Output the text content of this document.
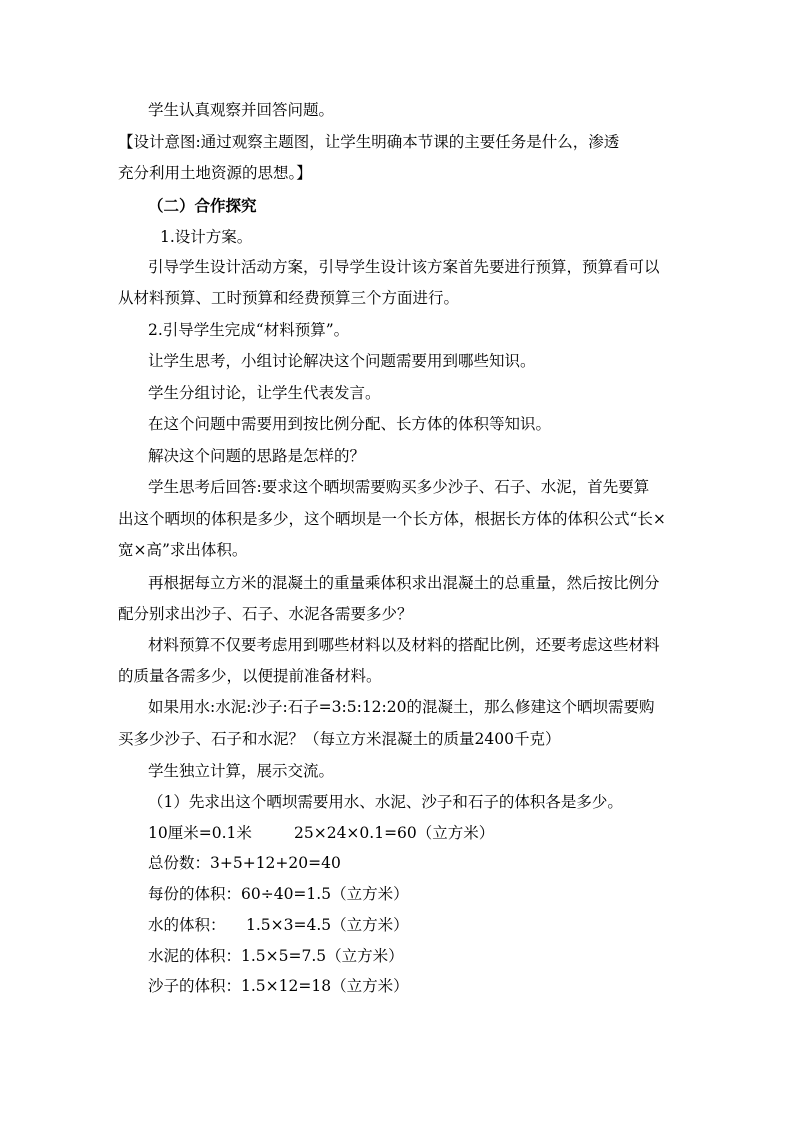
学生认真观察并回答问题。
【设计意图:通过观察主题图，让学生明确本节课的主要任务是什么，渗透
充分利用土地资源的思想。】
（二）合作探究
1.设计方案。
引导学生设计活动方案，引导学生设计该方案首先要进行预算，预算看可以
从材料预算、工时预算和经费预算三个方面进行。
2.引导学生完成“材料预算”。
让学生思考，小组讨论解决这个问题需要用到哪些知识。
学生分组讨论，让学生代表发言。
在这个问题中需要用到按比例分配、长方体的体积等知识。
解决这个问题的思路是怎样的？
学生思考后回答:要求这个晒坝需要购买多少沙子、石子、水泥，首先要算
出这个晒坝的体积是多少，这个晒坝是一个长方体，根据长方体的体积公式“长×
宽×高”求出体积。
再根据每立方米的混凝土的重量乘体积求出混凝土的总重量，然后按比例分
配分别求出沙子、石子、水泥各需要多少？
材料预算不仅要考虑用到哪些材料以及材料的搭配比例，还要考虑这些材料
的质量各需多少，以便提前准备材料。
如果用水:水泥:沙子:石子=3:5:12:20的混凝土，那么修建这个晒坝需要购
买多少沙子、石子和水泥？（每立方米混凝土的质量2400千克）
学生独立计算，展示交流。
（1）先求出这个晒坝需要用水、水泥、沙子和石子的体积各是多少。
10厘米=0.1米	25×24×0.1=60（立方米）
总份数：3+5+12+20=40
每份的体积：60÷40=1.5（立方米）
水的体积： 1.5×3=4.5（立方米）
水泥的体积：1.5×5=7.5（立方米）
沙子的体积：1.5×12=18（立方米）
